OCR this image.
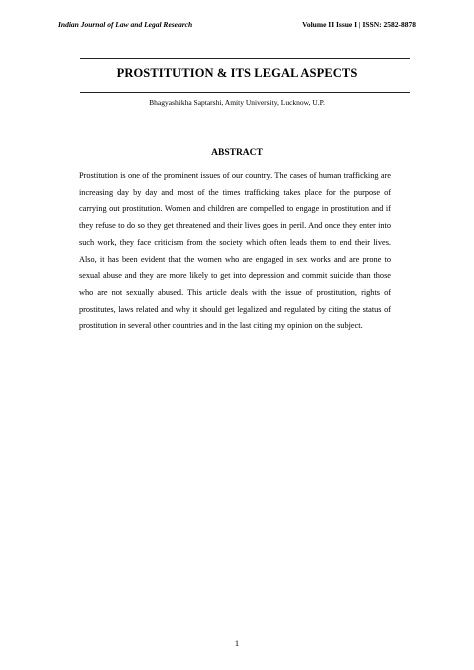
Indian Journal of Law and Legal Research	Volume II Issue I | ISSN: 2582-8878
PROSTITUTION & ITS LEGAL ASPECTS
Bhagyashikha Saptarshi, Amity University, Lucknow, U.P.
ABSTRACT

Prostitution is one of the prominent issues of our country. The cases of human trafficking are increasing day by day and most of the times trafficking takes place for the purpose of carrying out prostitution. Women and children are compelled to engage in prostitution and if they refuse to do so they get threatened and their lives goes in peril. And once they enter into such work, they face criticism from the society which often leads them to end their lives. Also, it has been evident that the women who are engaged in sex works and are prone to sexual abuse and they are more likely to get into depression and commit suicide than those who are not sexually abused. This article deals with the issue of prostitution, rights of prostitutes, laws related and why it should get legalized and regulated by citing the status of prostitution in several other countries and in the last citing my opinion on the subject.

1
